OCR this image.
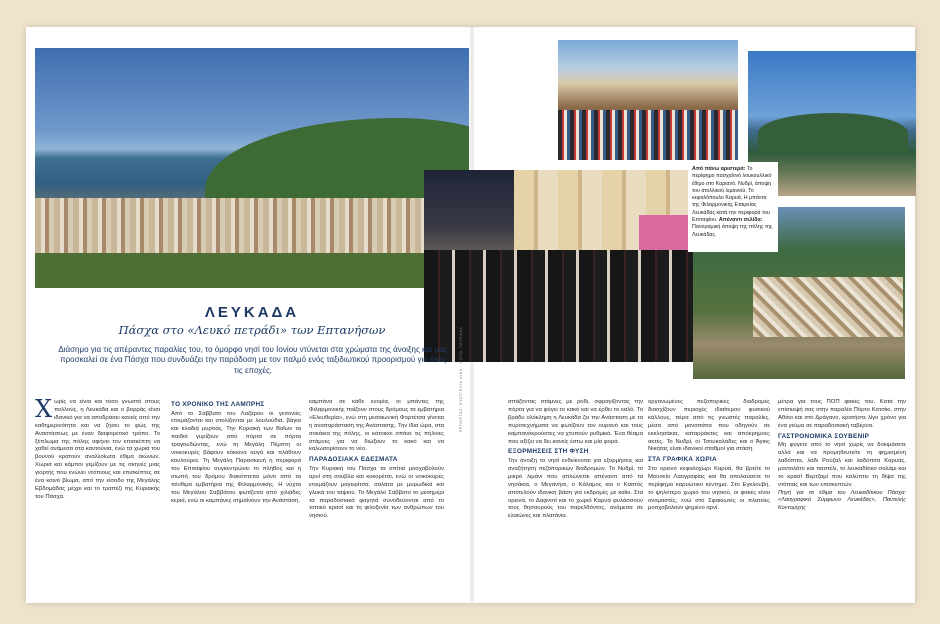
Από πάνω αριστερά: Το περίφημο πασχαλινό λουκουλλικό έθιμο στο Καριανό. Νυδρί, άποψη του ατολλικού λιμανιού. Το κεφαλόπουλο Καρυά, Η μπάντα της Φιλαρμονικής Εταιρείας Λευκάδας κατά την περιφορά του Επιταφίου. Απέναντι σελίδα: Πανοραμική άποψη της πόλης της Λευκάδας.
ΛΕΥΚΑΔΑ
Πάσχα στο «Λευκό πετράδι» των Επτανήσων
Διάσημο για τις απέραντες παραλίες του, το όμορφο νησί του Ιονίου ντύνεται στα χρώματα της άνοιξης και μας προσκαλεί σε ένα Πάσχα που συνδυάζει την παράδοση με τον παλμό ενός ταξιδιωτικού προορισμού για όλες τις εποχές.
Χ ωρίς να είναι και τόσο γνωστό στους πολλούς, η Λευκάδα και ο βορράς είναι ιδανικό για να αποδράσει κανείς από την καθημερινότητα και να ζήσει το φως της Αναστάσεως με έναν διαφορετικό τρόπο. Το ξέπλωμα της πόλης αφήνει τον επισκέπτη να χαθεί ανάμεσα στα καντούνια, ενώ τα χωριά του βουνού κρατούν αναλλοίωτα έθιμα αιώνων. Χωριά και κάμποι γεμίζουν με τις σκηνές μιας γιορτής που ενώνει ντόπιους και επισκέπτες σε ένα κοινό βίωμα, από την είσοδο της Μεγάλης Εβδομάδας μέχρι και το τραπέζι της Κυριακής του Πάσχα.
ΤΟ ΧΡΟΝΙΚΟ ΤΗΣ ΛΑΜΠΡΗΣ

Από το Σάββατο του Λαζάρου οι γειτονιές ετοιμάζονται και στολίζονται με λουλούδια, βάγια και κλαδιά μυρτιάς. Την Κυριακή των Βαΐων τα παιδιά γυρίζουν από πόρτα σε πόρτα τραγουδώντας, ενώ τη Μεγάλη Πέμπτη οι νοικοκυρές βάφουν κόκκινα αυγά και πλάθουν κουλούρια. Τη Μεγάλη Παρασκευή η περιφορά του Επιταφίου συγκεντρώνει το πλήθος και η σιωπή του δρόμου διακόπτεται μόνο από τα πένθιμα εμβατήρια της Φιλαρμονικής. Η νύχτα του Μεγάλου Σαββάτου φωτίζεται από χιλιάδες κεριά, ενώ οι καμπάνες σημαίνουν την Ανάσταση.

καμπάνα σε κάθε ενορία, οι μπάντες της Φιλαρμονικής παίζουν στους δρόμους τα εμβατήρια «Ελευθερία», ενώ στη μεσαιωνική Φορτέτσα γίνεται η αναπαράσταση της Ανάστασης. Την ίδια ώρα, στα σοκάκια της πόλης, οι κάτοικοι σπάνε τις πήλινες στάμνες για να διώξουν το κακό και να καλωσορίσουν το νέο.

ΠΑΡΑΔΟΣΙΑΚΑ ΕΔΕΣΜΑΤΑ

Την Κυριακή του Πάσχα τα σπίτια μοσχοβολούν αρνί στη σούβλα και κοκορέτσι, ενώ οι νοικοκυρές ετοιμάζουν μαγειρίτσα, σαλάτα με μυρωδικά και γλυκά του ταψιού. Το Μεγάλο Σάββατο το μεσημέρι τα παραδοσιακά φαγητά συνοδεύονται από το τοπικό κρασί και τη φιλοξενία των ανθρώπων του νησιού.

ΡΕΠΟΡΤΑΖ: ΕΥΑΓΓΕΛΙΑ ΝΙΚΑ · ΦΩΤΟ: ΛΕΥΚΑΔΑ	σπάζοντας στάμνες με ρόδι, σφραγίζοντας την πόρτα για να φύγει το κακό και να έρθει το καλό. Το βράδυ ολόκληρη η Λευκάδα ζει την Ανάσταση με τα πυροτεχνήματα να φωτίζουν τον ουρανό και τους καμπανοκρούστες να χτυπούν ρυθμικά. Ένα θέαμα που αξίζει να δει κανείς έστω και μία φορά.

ΕΞΟΡΜΗΣΕΙΣ ΣΤΗ ΦΥΣΗ

Την άνοιξη το νησί ενδείκνυται για εξορμήσεις και αναζήτηση πεζοπορικών διαδρομών. Το Νυδρί, το μικρό λιμάνι που απλώνεται απέναντι από τα νησάκια, ο Μεγανήσι, ο Κάλαμος και ο Καστός αποτελούν ιδανική βάση για εκδρομές με καΐκι. Στα ορεινά, το Δαφνοτί και το χωριό Καρυά φυλάσσουν τους θησαυρούς του παρελθόντος, ανάμεσα σε ελαιώνες και πλατάνια.

οργανωμένες πεζοπορικές διαδρομές διασχίζουν περιοχές ιδιαίτερου φυσικού κάλλους, πέρα από τις γνωστές παραλίες, μέσα από μονοπάτια που οδηγούν σε εκκλησάκια, καταρράκτες και απόκρημνες ακτές. Το Νυδρί, οι Τσουκαλάδες και ο Άγιος Νικήτας είναι ιδανικοί σταθμοί για στάση.

ΣΤΑ ΓΡΑΦΙΚΑ ΧΩΡΙΑ

Στο ορεινό κεφαλοχώρι Καρυά, θα βρείτε το Μουσείο Λαογραφίας και θα απολαύσετε το περίφημο καρυώτικο κέντημα. Στο Εγκλουβή, το ψηλότερο χωριό του νησιού, οι φακές είναι ονομαστές, ενώ στο Σφακιωτές οι πλατείες μοσχοβολούν ψημένο αρνί.

μέτρα για τους ΠΟΠ φακές του. Κατά την επίσκεψή σας στην παραλία Πόρτο Κατσίκι, στην Αθάνι και στο Δράγανο, κρατήστε λίγο χρόνο για ένα γεύμα σε παραδοσιακή ταβέρνα.

ΓΑΣΤΡΟΝΟΜΙΚΑ ΣΟΥΒΕΝΙΡ

Μη φύγετε από το νησί χωρίς να δοκιμάσετε αλλά και να προμηθευτείτε τη φημισμένη λαδόπιτα, λάδι Ρούζαλ και λαδόπιτα Καρυάς, μαντολάτο και παστέλι, το λευκαδίτικο σαλάμι και το κρασί Βερτζαμί που καλύπτει τη δίψα της ντόπιας και των επισκεπτών.

Πηγή για τα έθιμα του Λευκαδίτικου Πάσχα: «Λαογραφικό Σύμφωνο Λευκάδας», Παντελής Κοντομίχης
